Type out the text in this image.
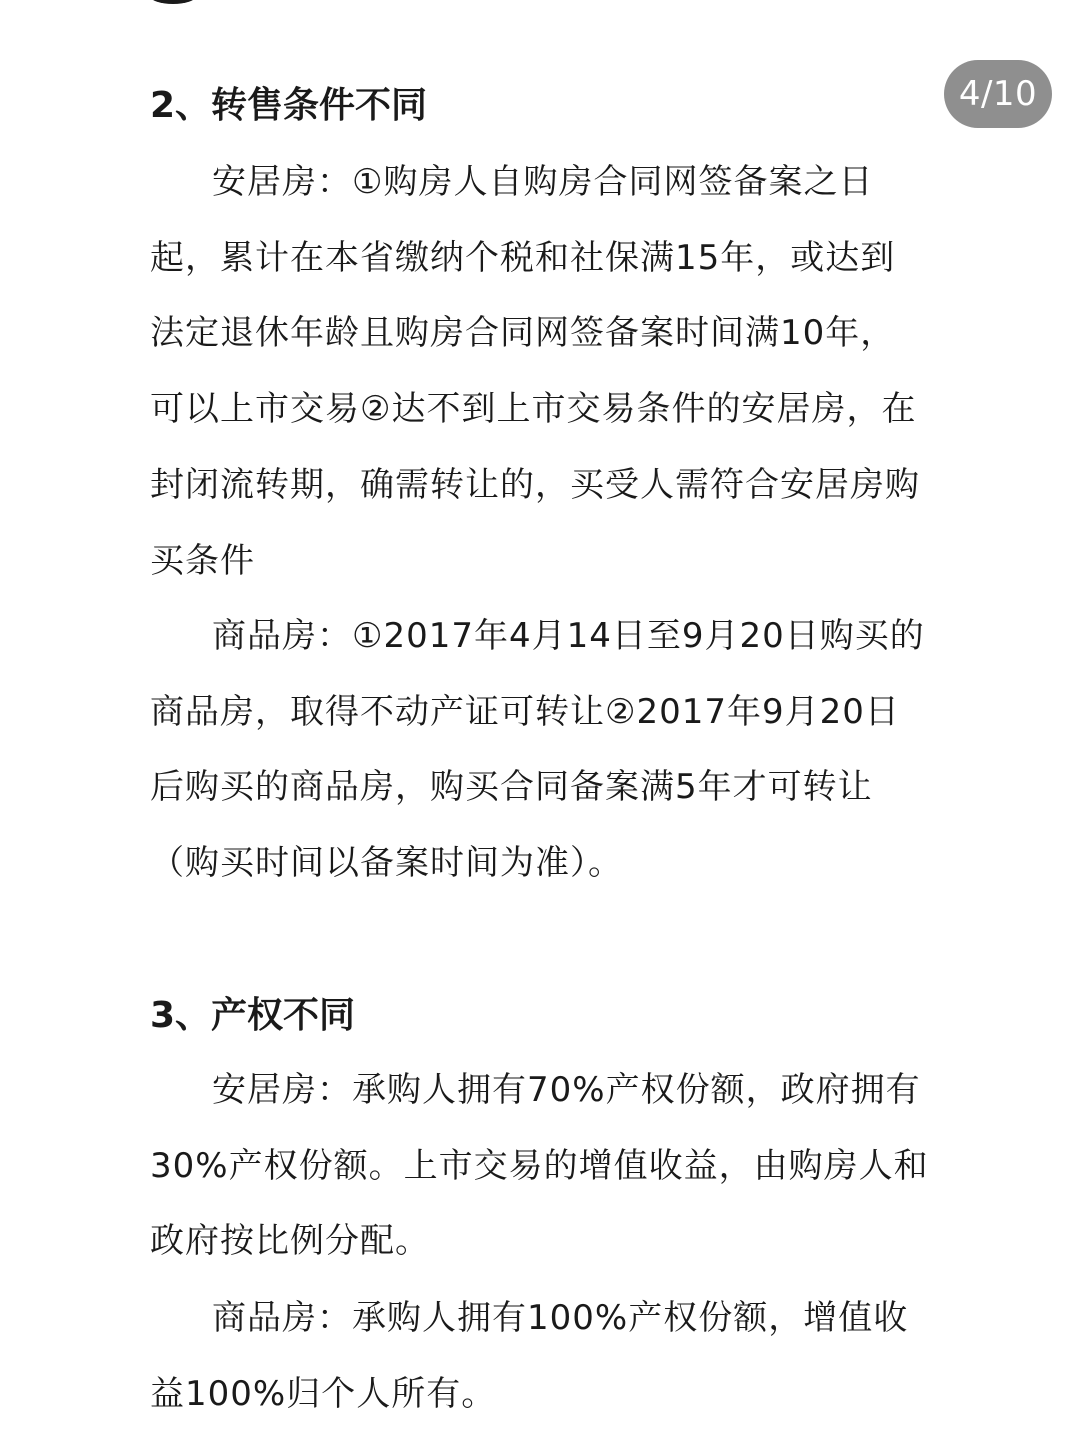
4/10
2、转售条件不同

安居房：①购房人自购房合同网签备案之日起，累计在本省缴纳个税和社保满15年，或达到法定退休年龄且购房合同网签备案时间满10年，可以上市交易②达不到上市交易条件的安居房，在封闭流转期，确需转让的，买受人需符合安居房购买条件

商品房：①2017年4月14日至9月20日购买的商品房，取得不动产证可转让②2017年9月20日后购买的商品房，购买合同备案满5年才可转让（购买时间以备案时间为准）。

3、产权不同

安居房：承购人拥有70%产权份额，政府拥有30%产权份额。上市交易的增值收益，由购房人和政府按比例分配。

商品房：承购人拥有100%产权份额，增值收益100%归个人所有。
